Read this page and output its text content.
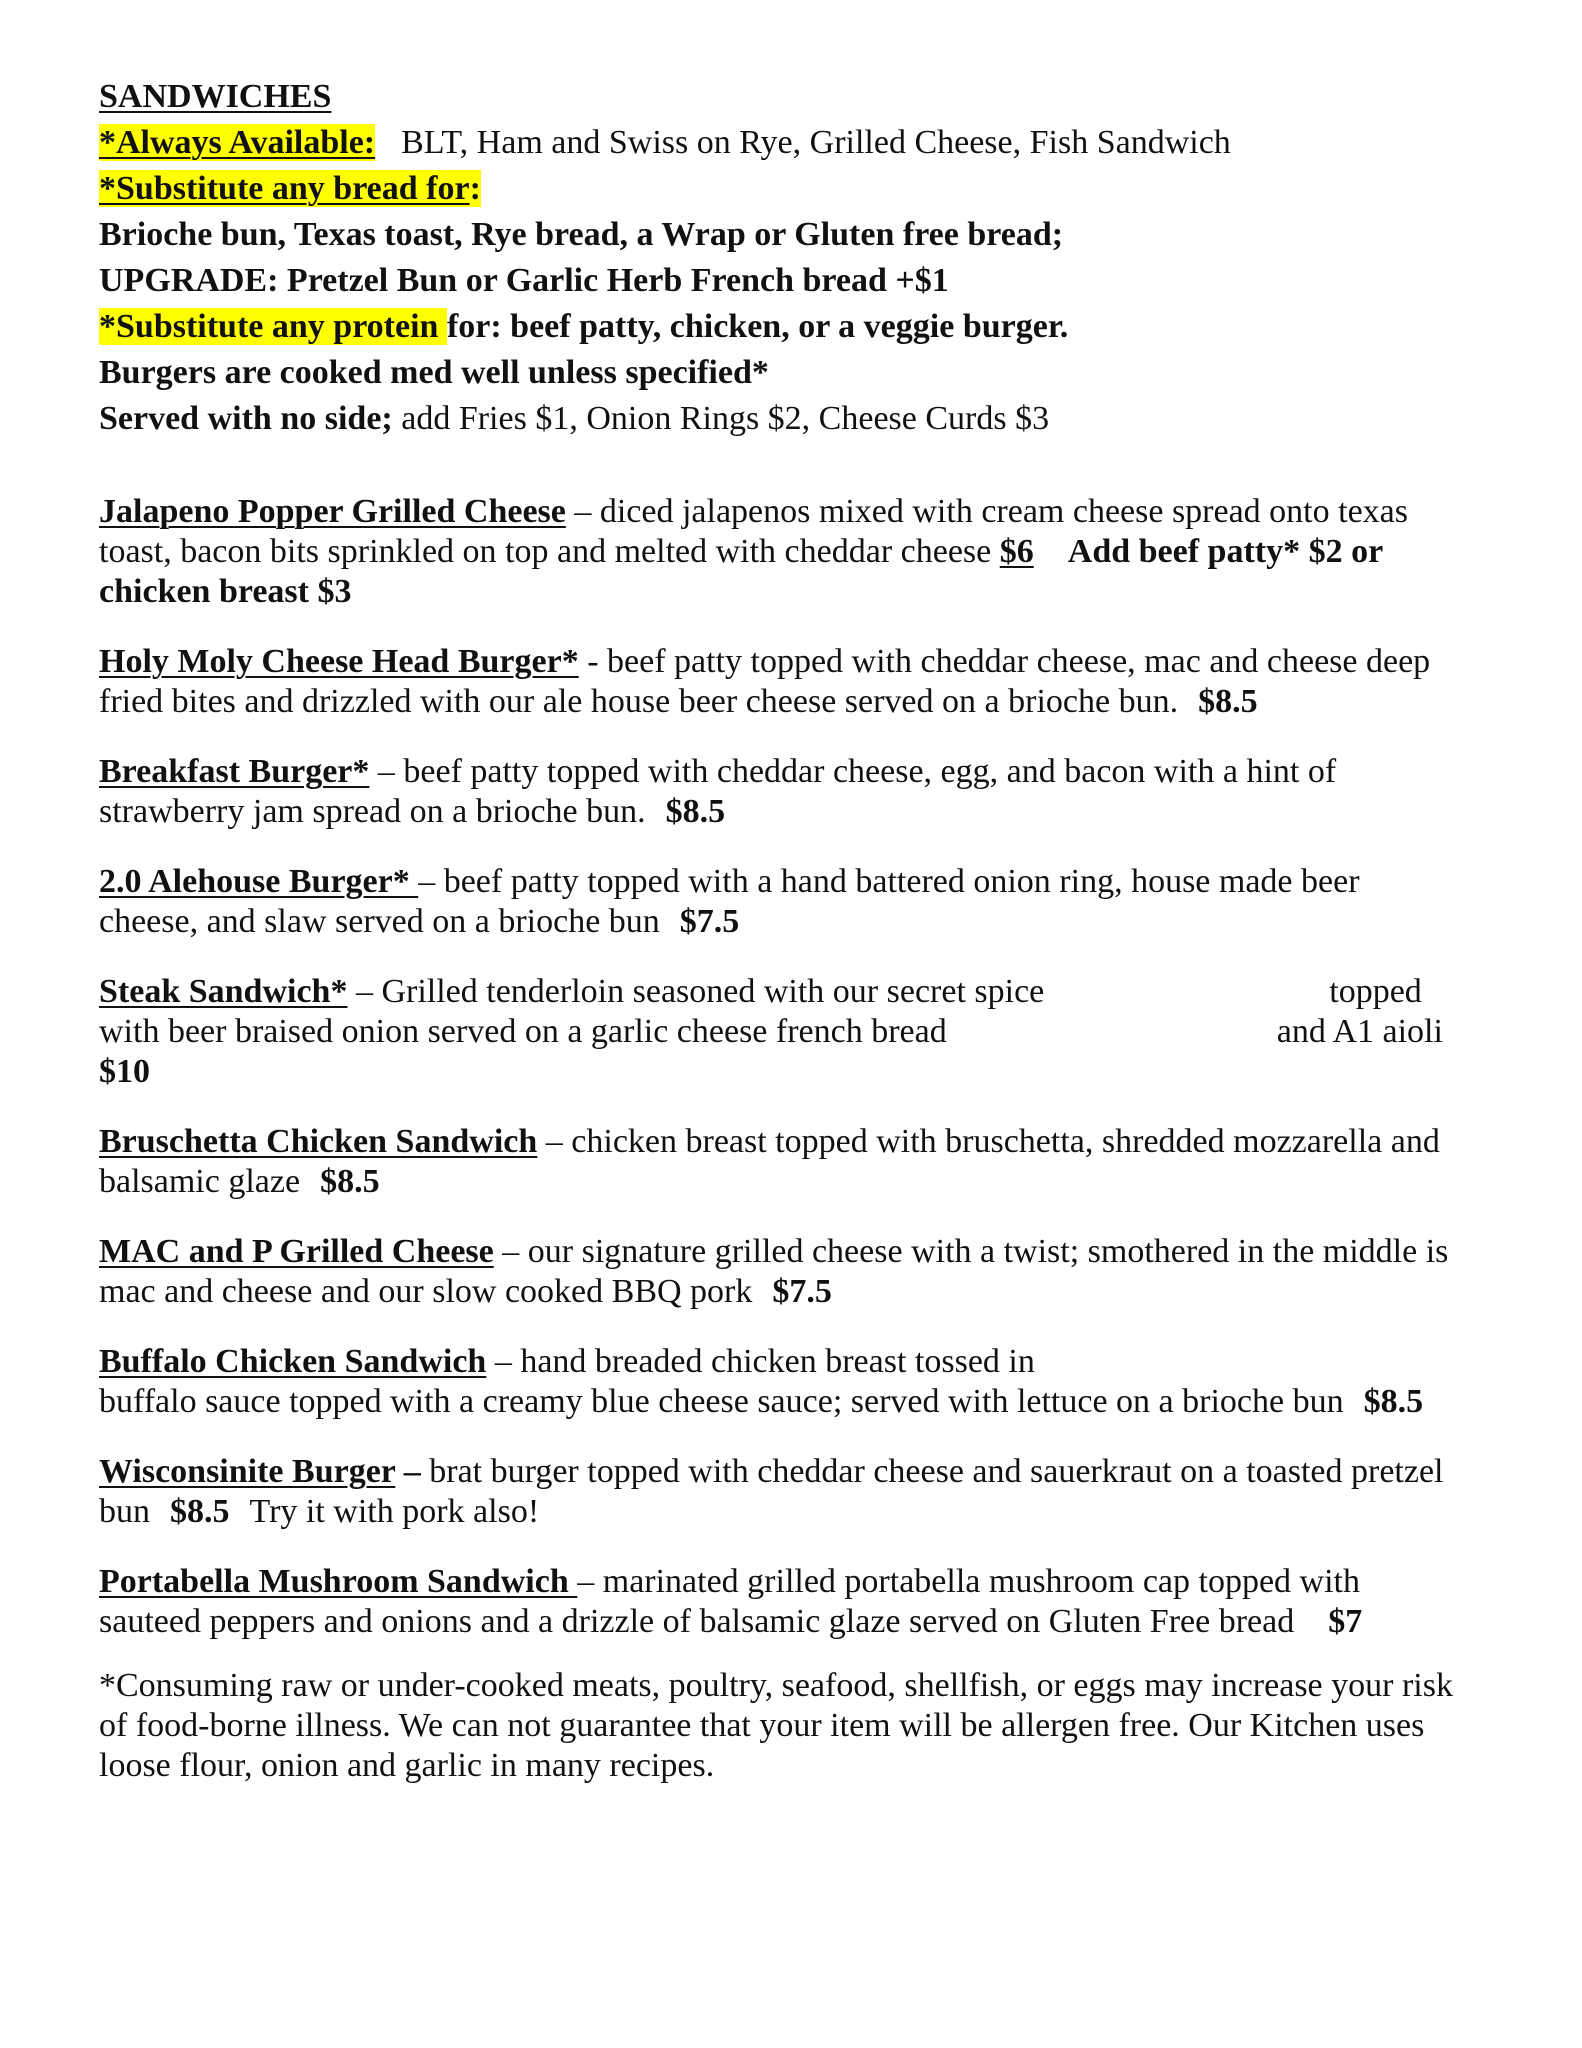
SANDWICHES
*Always Available: BLT, Ham and Swiss on Rye, Grilled Cheese, Fish Sandwich
*Substitute any bread for:
Brioche bun, Texas toast, Rye bread, a Wrap or Gluten free bread;
UPGRADE: Pretzel Bun or Garlic Herb French bread +$1
*Substitute any protein for: beef patty, chicken, or a veggie burger.
Burgers are cooked med well unless specified*
Served with no side; add Fries $1, Onion Rings $2, Cheese Curds $3
Jalapeno Popper Grilled Cheese – diced jalapenos mixed with cream cheese spread onto texas
toast, bacon bits sprinkled on top and melted with cheddar cheese $6 Add beef patty* $2 or
chicken breast $3
Holy Moly Cheese Head Burger* - beef patty topped with cheddar cheese, mac and cheese deep
fried bites and drizzled with our ale house beer cheese served on a brioche bun. $8.5
Breakfast Burger* – beef patty topped with cheddar cheese, egg, and bacon with a hint of
strawberry jam spread on a brioche bun. $8.5
2.0 Alehouse Burger* – beef patty topped with a hand battered onion ring, house made beer
cheese, and slaw served on a brioche bun $7.5
Steak Sandwich* – Grilled tenderloin seasoned with our secret spice	topped
with beer braised onion served on a garlic cheese french bread	and A1 aioli
$10
Bruschetta Chicken Sandwich – chicken breast topped with bruschetta, shredded mozzarella and
balsamic glaze $8.5
MAC and P Grilled Cheese – our signature grilled cheese with a twist; smothered in the middle is
mac and cheese and our slow cooked BBQ pork $7.5
Buffalo Chicken Sandwich – hand breaded chicken breast tossed in
buffalo sauce topped with a creamy blue cheese sauce; served with lettuce on a brioche bun $8.5
Wisconsinite Burger – brat burger topped with cheddar cheese and sauerkraut on a toasted pretzel
bun $8.5 Try it with pork also!
Portabella Mushroom Sandwich – marinated grilled portabella mushroom cap topped with
sauteed peppers and onions and a drizzle of balsamic glaze served on Gluten Free bread $7
*Consuming raw or under-cooked meats, poultry, seafood, shellfish, or eggs may increase your risk
of food-borne illness. We can not guarantee that your item will be allergen free. Our Kitchen uses
loose flour, onion and garlic in many recipes.
